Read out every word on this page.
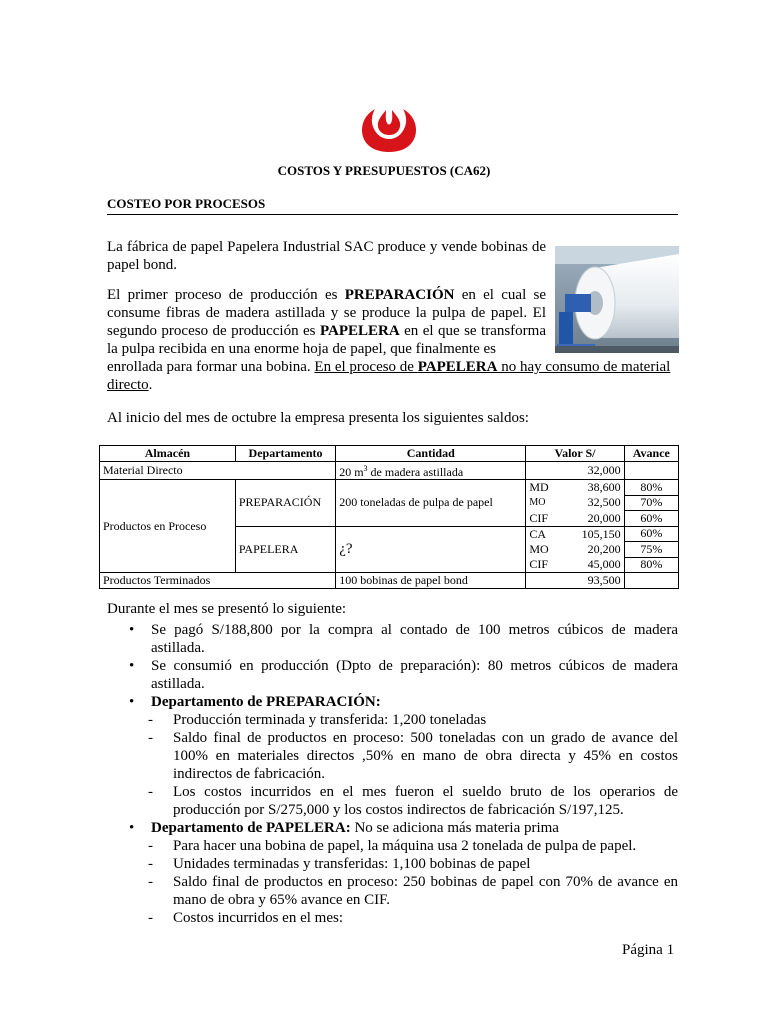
COSTOS Y PRESUPUESTOS (CA62)
COSTEO POR PROCESOS
La fábrica de papel Papelera Industrial SAC produce y vende bobinas de papel bond.
El primer proceso de producción es PREPARACIÓN en el cual se consume fibras de madera astillada y se produce la pulpa de papel. El segundo proceso de producción es PAPELERA en el que se transforma la pulpa recibida en una enorme hoja de papel, que finalmente es
enrollada para formar una bobina. En el proceso de PAPELERA no hay consumo de material directo.
Al inicio del mes de octubre la empresa presenta los siguientes saldos:
Almacén	Departamento	Cantidad	Valor S/	Avance
Material Directo		20 $m^3$ de madera astillada	32,000	
Productos en Proceso	PREPARACIÓN	200 toneladas de pulpa de papel	MD 38,600	80%

			MO 32,500	70%

			CIF 20,000	60%
	PAPELERA	¿?	CA 105,150	60%

			MO 20,200	75%

			CIF 45,000	80%
Productos Terminados		100 bobinas de papel bond	93,500	
Durante el mes se presentó lo siguiente:
• Se pagó S/188,800 por la compra al contado de 100 metros cúbicos de madera astillada.
• Se consumió en producción (Dpto de preparación): 80 metros cúbicos de madera astillada.
• Departamento de PREPARACIÓN:
- Producción terminada y transferida: 1,200 toneladas
- Saldo final de productos en proceso: 500 toneladas con un grado de avance del 100% en materiales directos ,50% en mano de obra directa y 45% en costos indirectos de fabricación.
- Los costos incurridos en el mes fueron el sueldo bruto de los operarios de producción por S/275,000 y los costos indirectos de fabricación S/197,125.
• Departamento de PAPELERA: No se adiciona más materia prima
- Para hacer una bobina de papel, la máquina usa 2 tonelada de pulpa de papel.
- Unidades terminadas y transferidas: 1,100 bobinas de papel
- Saldo final de productos en proceso: 250 bobinas de papel con 70% de avance en mano de obra y 65% avance en CIF.
- Costos incurridos en el mes:
Página 1
